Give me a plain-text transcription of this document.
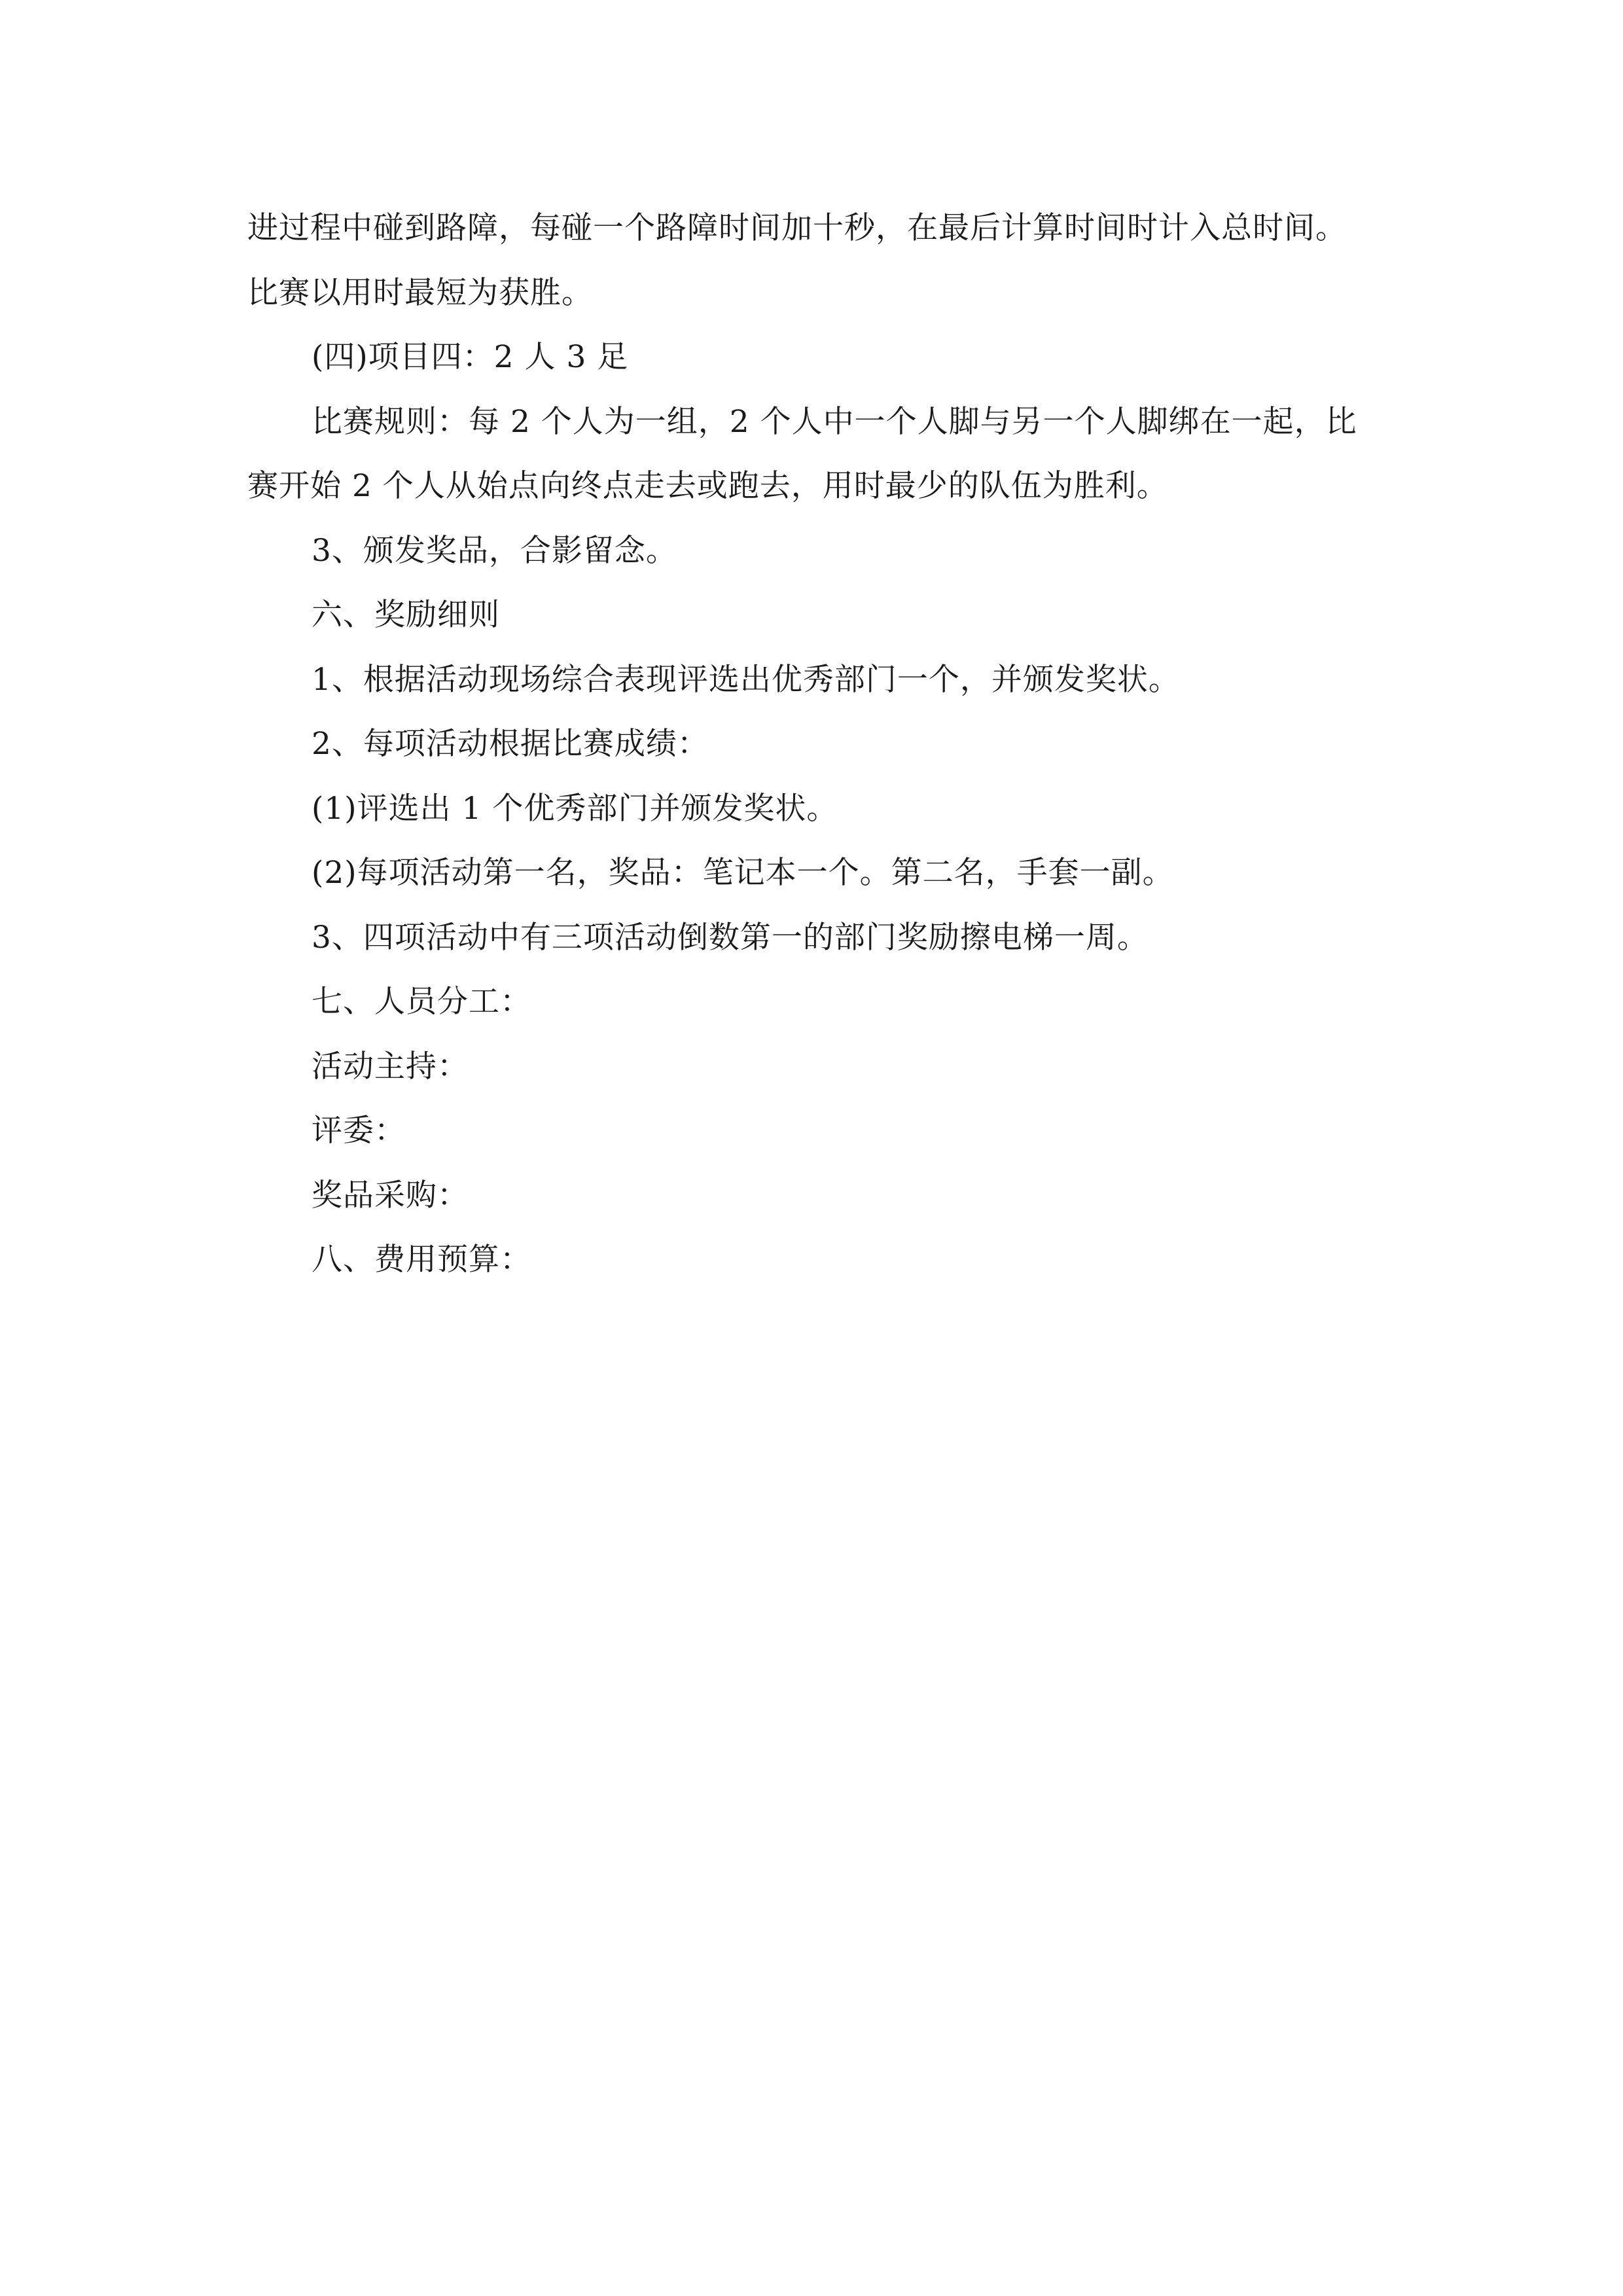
进过程中碰到路障，每碰一个路障时间加十秒，在最后计算时间时计入总时间。
比赛以用时最短为获胜。
(四)项目四：2 人 3 足
比赛规则：每 2 个人为一组，2 个人中一个人脚与另一个人脚绑在一起，比
赛开始 2 个人从始点向终点走去或跑去，用时最少的队伍为胜利。
3、颁发奖品，合影留念。
六、奖励细则
1、根据活动现场综合表现评选出优秀部门一个，并颁发奖状。
2、每项活动根据比赛成绩：
(1)评选出 1 个优秀部门并颁发奖状。
(2)每项活动第一名，奖品：笔记本一个。第二名，手套一副。
3、四项活动中有三项活动倒数第一的部门奖励擦电梯一周。
七、人员分工：
活动主持：
评委：
奖品采购：
八、费用预算：
